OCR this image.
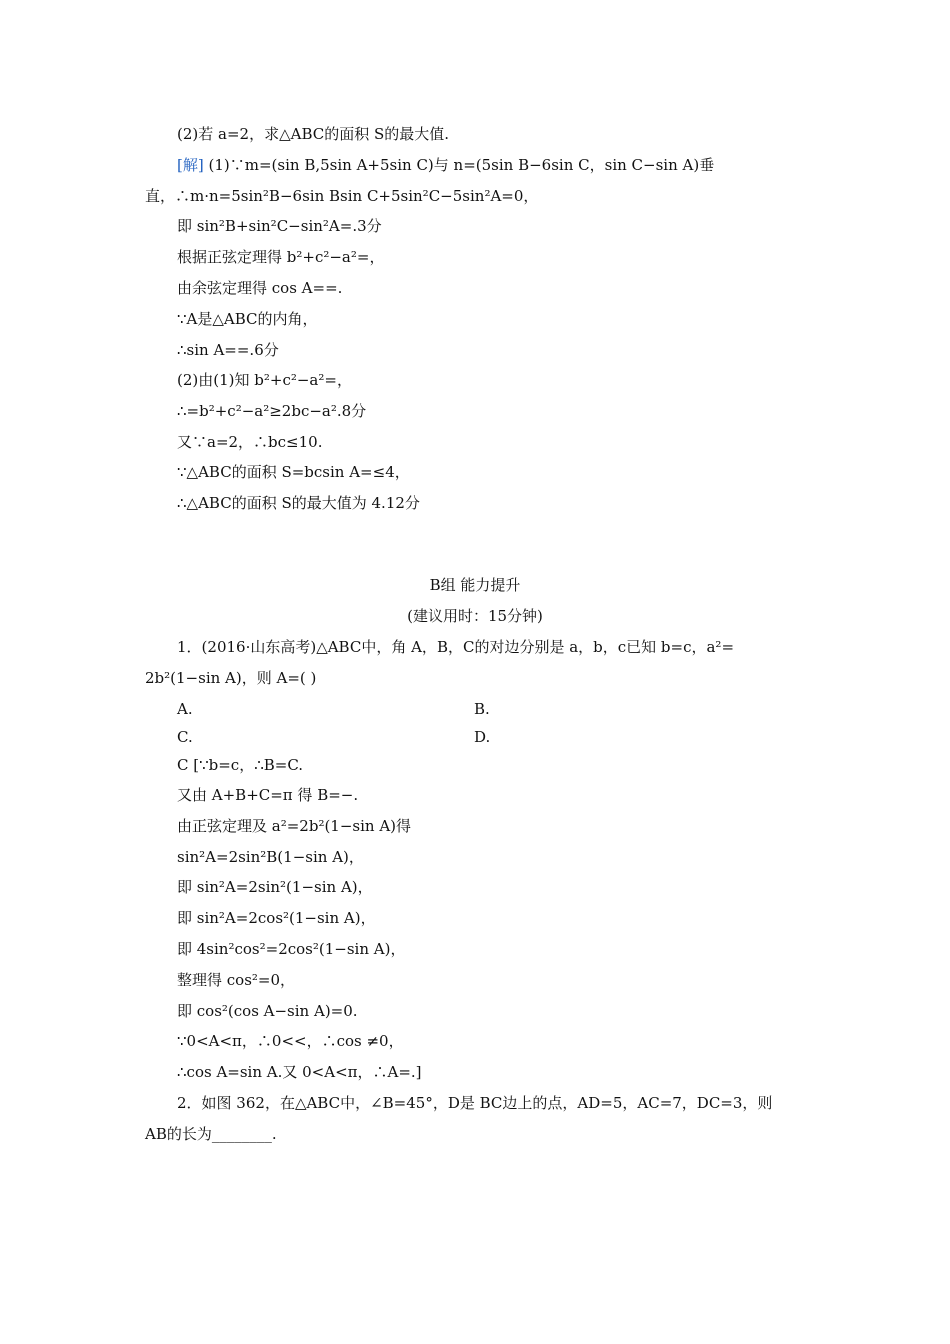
(2)若 a=2，求△ABC的面积 S的最大值.
[解] (1)∵m=(sin B,5sin A+5sin C)与 n=(5sin B−6sin C，sin C−sin A)垂
直，∴m·n=5sin²B−6sin Bsin C+5sin²C−5sin²A=0，
即 sin²B+sin²C−sin²A=.3分
根据正弦定理得 b²+c²−a²=，
由余弦定理得 cos A==.
∵A是△ABC的内角，
∴sin A==.6分
(2)由(1)知 b²+c²−a²=，
∴=b²+c²−a²≥2bc−a².8分
又∵a=2，∴bc≤10.
∵△ABC的面积 S=bcsin A=≤4，
∴△ABC的面积 S的最大值为 4.12分
B组 能力提升
(建议用时：15分钟)
1．(2016·山东高考)△ABC中，角 A，B，C的对边分别是 a，b，c已知 b=c，a²=
2b²(1−sin A)，则 A=( )
A.	B.
C.	D.
C [∵b=c，∴B=C.
又由 A+B+C=π 得 B=−.
由正弦定理及 a²=2b²(1−sin A)得
sin²A=2sin²B(1−sin A)，
即 sin²A=2sin²(1−sin A)，
即 sin²A=2cos²(1−sin A)，
即 4sin²cos²=2cos²(1−sin A)，
整理得 cos²=0，
即 cos²(cos A−sin A)=0.
∵0<A<π，∴0<<，∴cos ≠0，
∴cos A=sin A.又 0<A<π，∴A=.]
2．如图 362，在△ABC中，∠B=45°，D是 BC边上的点，AD=5，AC=7，DC=3，则
AB的长为________.
